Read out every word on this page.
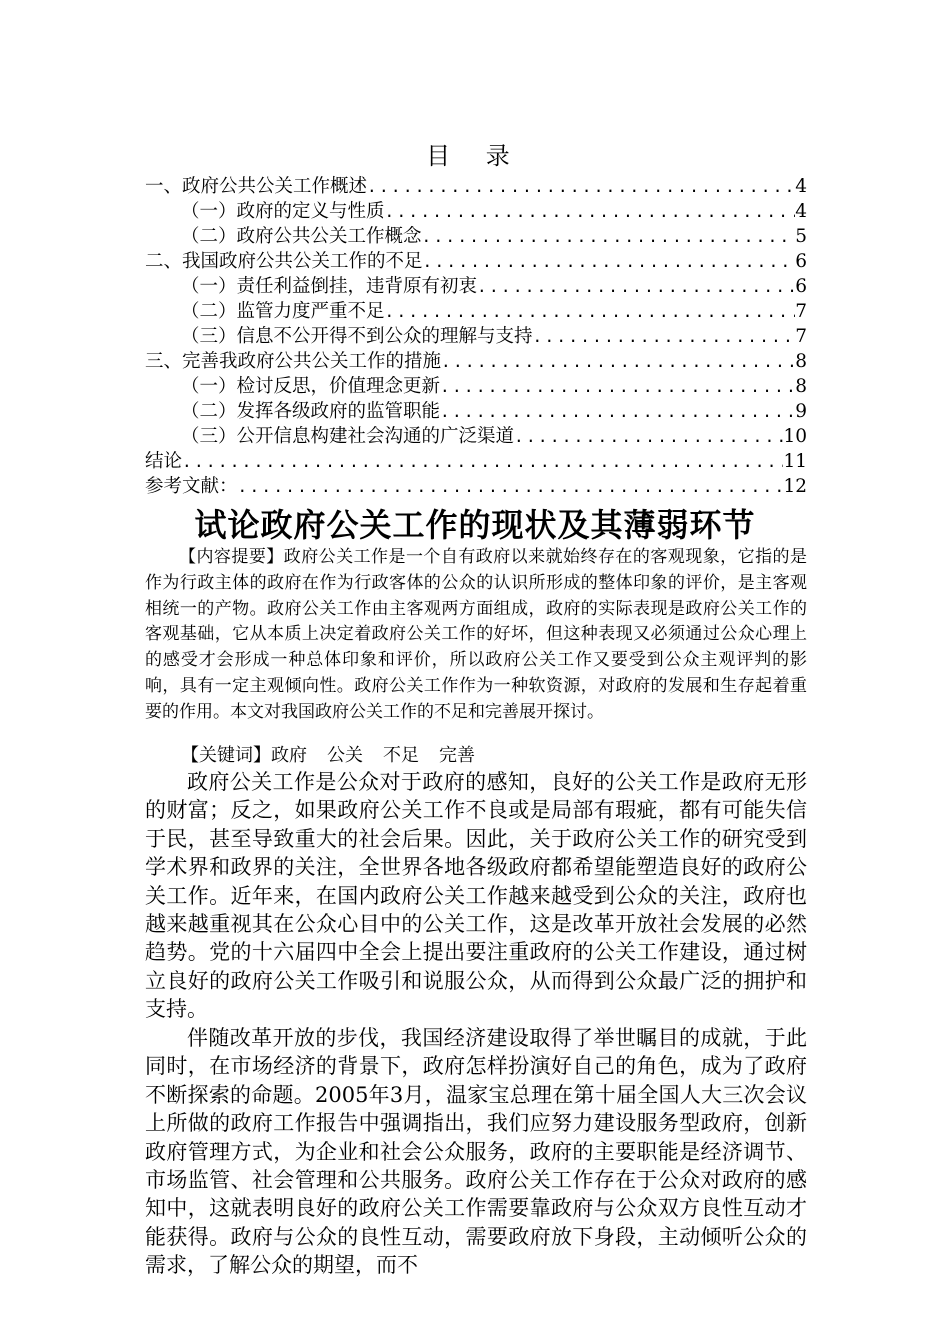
目 录
一、政府公共公关工作概述 .....	4
（一）政府的定义与性质 .....	4
（二）政府公共公关工作概念 .....	5
二、我国政府公共公关工作的不足 .....	6
（一）责任利益倒挂，违背原有初衷 .....	6
（二）监管力度严重不足 .....	7
（三）信息不公开得不到公众的理解与支持 .....	7
三、完善我政府公共公关工作的措施 .....	8
（一）检讨反思，价值理念更新 .....	8
（二）发挥各级政府的监管职能 .....	9
（三）公开信息构建社会沟通的广泛渠道 .....	10
结论 .....	11
参考文献： .....	12
试论政府公关工作的现状及其薄弱环节

【内容提要】政府公关工作是一个自有政府以来就始终存在的客观现象，它指的是作为行政主体的政府在作为行政客体的公众的认识所形成的整体印象的评价，是主客观相统一的产物。政府公关工作由主客观两方面组成，政府的实际表现是政府公关工作的客观基础，它从本质上决定着政府公关工作的好坏，但这种表现又必须通过公众心理上的感受才会形成一种总体印象和评价，所以政府公关工作又要受到公众主观评判的影响，具有一定主观倾向性。政府公关工作作为一种软资源，对政府的发展和生存起着重要的作用。本文对我国政府公关工作的不足和完善展开探讨。

【关键词】政府 公关 不足 完善

政府公关工作是公众对于政府的感知，良好的公关工作是政府无形的财富；反之，如果政府公关工作不良或是局部有瑕疵，都有可能失信于民，甚至导致重大的社会后果。因此，关于政府公关工作的研究受到学术界和政界的关注，全世界各地各级政府都希望能塑造良好的政府公关工作。近年来，在国内政府公关工作越来越受到公众的关注，政府也越来越重视其在公众心目中的公关工作，这是改革开放社会发展的必然趋势。党的十六届四中全会上提出要注重政府的公关工作建设，通过树立良好的政府公关工作吸引和说服公众，从而得到公众最广泛的拥护和支持。

伴随改革开放的步伐，我国经济建设取得了举世瞩目的成就，于此同时，在市场经济的背景下，政府怎样扮演好自己的角色，成为了政府不断探索的命题。2005年3月，温家宝总理在第十届全国人大三次会议上所做的政府工作报告中强调指出，我们应努力建设服务型政府，创新政府管理方式，为企业和社会公众服务，政府的主要职能是经济调节、市场监管、社会管理和公共服务。政府公关工作存在于公众对政府的感知中，这就表明良好的政府公关工作需要靠政府与公众双方良性互动才能获得。政府与公众的良性互动，需要政府放下身段，主动倾听公众的需求，了解公众的期望，而不
